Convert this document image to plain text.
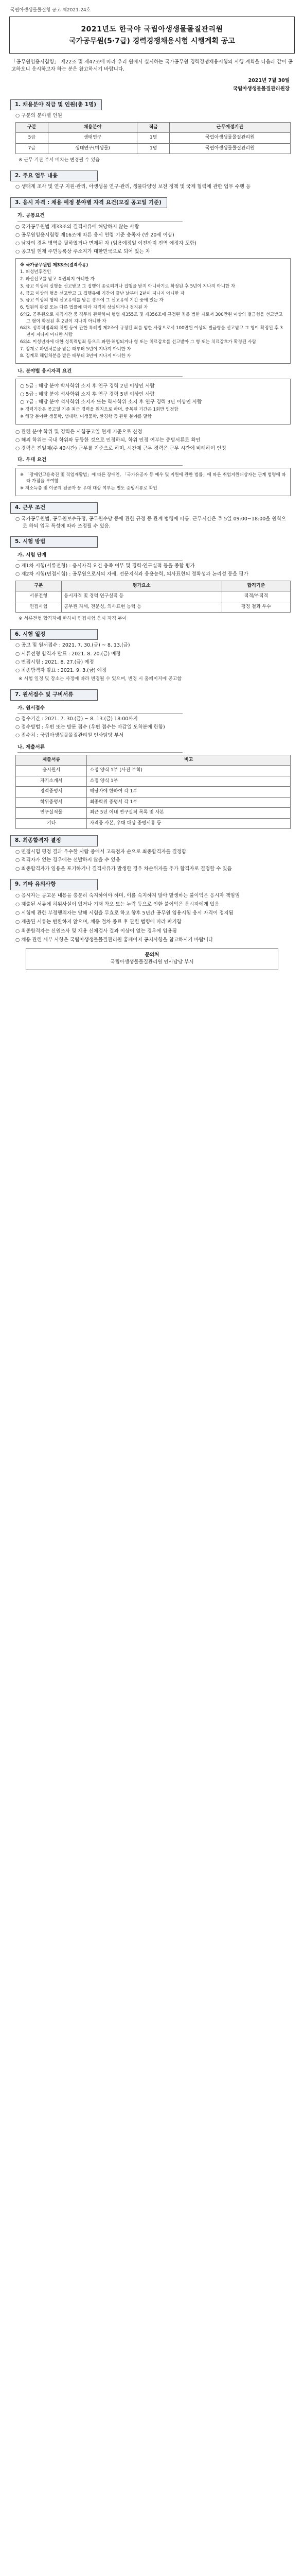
국립아생생물몰질청 공고 제2021-24호
2021년도 한국야 국립아생생물몰질관리원
국가공무원(5·7급) 경력경쟁채용시험 시행계획 공고
「공무원임용시험령」 제22조 및 제47조에 따라 우리 원에서 실시하는 국가공무원 경력경쟁채용시험의 시행 계획을 다음과 같이 공고하오니 응시하고자 하는 분은 참고하시기 바랍니다.
2021년 7월 30일
국립아생생물몰질관리원장
1. 채용분야 직급 및 인원(총 1명)
○ 구분의 분야별 인원
구분	채용분야	직급	근무예정기관
5급	생태연구	1명	국립아생생물몰질관리원
7급	생태연구(미생물)	1명	국립아생생물몰질관리원
※ 근무 기관 부서 배치는 변경될 수 있음
2. 주요 업무 내용
○ 생태계 조사 및 연구 지원·관리, 아생생물 연구·관리, 생물다양성 보전 정책 및 국제 협력에 관한 업무 수행 등
3. 응시 자격 : 채용 예정 분야별 자격 요건(모집 공고일 기준)
가. 공통요건
○ 국가공무원법 제33조의 결격사유에 해당하지 않는 사람
○ 공무원임용시험령 제16조에 따른 응시 연령 기준 충족자 (만 20세 이상)
○ 남자의 경우 병역을 필하였거나 면제된 자 (임용예정일 이전까지 전역 예정자 포함)
○ 공고일 현재 주민등록상 주소지가 대한민국으로 되어 있는 자
※ 국가공무원법 제33조(결격사유)
1. 피성년후견인
2. 파산선고를 받고 복권되지 아니한 자
3. 금고 이상의 실형을 선고받고 그 집행이 종료되거나 집행을 받지 아니하기로 확정된 후 5년이 지나지 아니한 자
4. 금고 이상의 형을 선고받고 그 집행유예 기간이 끝난 날부터 2년이 지나지 아니한 자
5. 금고 이상의 형의 선고유예를 받은 경우에 그 선고유예 기간 중에 있는 자
6. 법원의 판결 또는 다른 법률에 따라 자격이 상실되거나 정지된 자
6의2. 공무원으로 재직기간 중 직무와 관련하여 형법 제355조 및 제356조에 규정된 죄를 범한 자로서 300만원 이상의 벌금형을 선고받고 그 형이 확정된 후 2년이 지나지 아니한 자
6의3. 성폭력범죄의 처벌 등에 관한 특례법 제2조에 규정된 죄를 범한 사람으로서 100만원 이상의 벌금형을 선고받고 그 형이 확정된 후 3년이 지나지 아니한 사람
6의4. 미성년자에 대한 성폭력범죄 등으로 파면·해임되거나 형 또는 치료감호를 선고받아 그 형 또는 치료감호가 확정된 사람
7. 징계로 파면처분을 받은 때부터 5년이 지나지 아니한 자
8. 징계로 해임처분을 받은 때부터 3년이 지나지 아니한 자
나. 분야별 응시자격 요건
○ 5급 : 해당 분야 박사학위 소지 후 연구 경력 2년 이상인 사람
○ 5급 : 해당 분야 석사학위 소지 후 연구 경력 5년 이상인 사람
○ 7급 : 해당 분야 석사학위 소지자 또는 학사학위 소지 후 연구 경력 3년 이상인 사람
※ 경력기간은 공고일 기준 최근 경력을 원칙으로 하며, 중복된 기간은 1회만 인정함
※ 해당 분야란 생물학, 생태학, 미생물학, 환경학 등 관련 분야를 말함
○ 관련 분야 학위 및 경력은 시험공고일 현재 기준으로 산정
○ 해외 학위는 국내 학위와 동등한 것으로 인정하되, 학위 인정 여부는 증빙서류로 확인
○ 경력은 전일제(주 40시간) 근무를 기준으로 하며, 시간제 근무 경력은 근무 시간에 비례하여 인정
다. 우대 요건
※ 「장애인고용촉진 및 직업재활법」에 따른 장애인, 「국가유공자 등 예우 및 지원에 관한 법률」에 따른 취업지원대상자는 관계 법령에 따라 가점을 부여함
※ 저소득층 및 이공계 전공자 등 우대 대상 여부는 별도 증빙서류로 확인
4. 근무 조건
○ 국가공무원법, 공무원보수규정, 공무원수당 등에 관한 규정 등 관계 법령에 따름. 근무시간은 주 5일 09:00~18:00을 원칙으로 하되 업무 특성에 따라 조정될 수 있음.
5. 시험 방법
가. 시험 단계
○ 제1차 시험(서류전형) : 응시자격 요건 충족 여부 및 경력·연구실적 등을 종합 평가
○ 제2차 시험(면접시험) : 공무원으로서의 자세, 전문지식과 응용능력, 의사표현의 정확성과 논리성 등을 평가
구분	평가요소	합격기준
서류전형	응시자격 및 경력·연구실적 등	적격/부적격
면접시험	공무원 자세, 전문성, 의사표현 능력 등	평정 결과 우수
※ 서류전형 합격자에 한하여 면접시험 응시 자격 부여
6. 시험 일정
○ 공고 및 원서접수 : 2021. 7. 30.(금) ~ 8. 13.(금)
○ 서류전형 합격자 발표 : 2021. 8. 20.(금) 예정
○ 면접시험 : 2021. 8. 27.(금) 예정
○ 최종합격자 발표 : 2021. 9. 3.(금) 예정
※ 시험 일정 및 장소는 사정에 따라 변경될 수 있으며, 변경 시 홈페이지에 공고함
7. 원서접수 및 구비서류
가. 원서접수
○ 접수기간 : 2021. 7. 30.(금) ~ 8. 13.(금) 18:00까지
○ 접수방법 : 우편 또는 방문 접수 (우편 접수는 마감일 도착분에 한함)
○ 접수처 : 국립아생생물몰질관리원 인사담당 부서
나. 제출서류
제출서류	비고
응시원서	소정 양식 1부 (사진 부착)
자기소개서	소정 양식 1부
경력증명서	해당자에 한하여 각 1부
학위증명서	최종학위 증명서 각 1부
연구실적물	최근 5년 이내 연구실적 목록 및 사본
기타	자격증 사본, 우대 대상 증빙서류 등
8. 최종합격자 결정
○ 면접시험 평정 결과 우수한 사람 중에서 고득점자 순으로 최종합격자를 결정함
○ 적격자가 없는 경우에는 선발하지 않을 수 있음
○ 최종합격자가 임용을 포기하거나 결격사유가 발생한 경우 차순위자를 추가 합격자로 결정할 수 있음
9. 기타 유의사항
○ 응시자는 공고문 내용을 충분히 숙지하여야 하며, 이를 숙지하지 않아 발생하는 불이익은 응시자 책임임
○ 제출된 서류에 허위사실이 있거나 기재 착오 또는 누락 등으로 인한 불이익은 응시자에게 있음
○ 시험에 관한 부정행위자는 당해 시험을 무효로 하고 향후 5년간 공무원 임용시험 응시 자격이 정지됨
○ 제출된 서류는 반환하지 않으며, 채용 절차 종료 후 관련 법령에 따라 파기함
○ 최종합격자는 신원조사 및 채용 신체검사 결과 이상이 없는 경우에 임용됨
○ 채용 관련 세부 사항은 국립아생생물몰질관리원 홈페이지 공지사항을 참고하시기 바랍니다
문의처
국립아생생물몰질관리원 인사담당 부서
